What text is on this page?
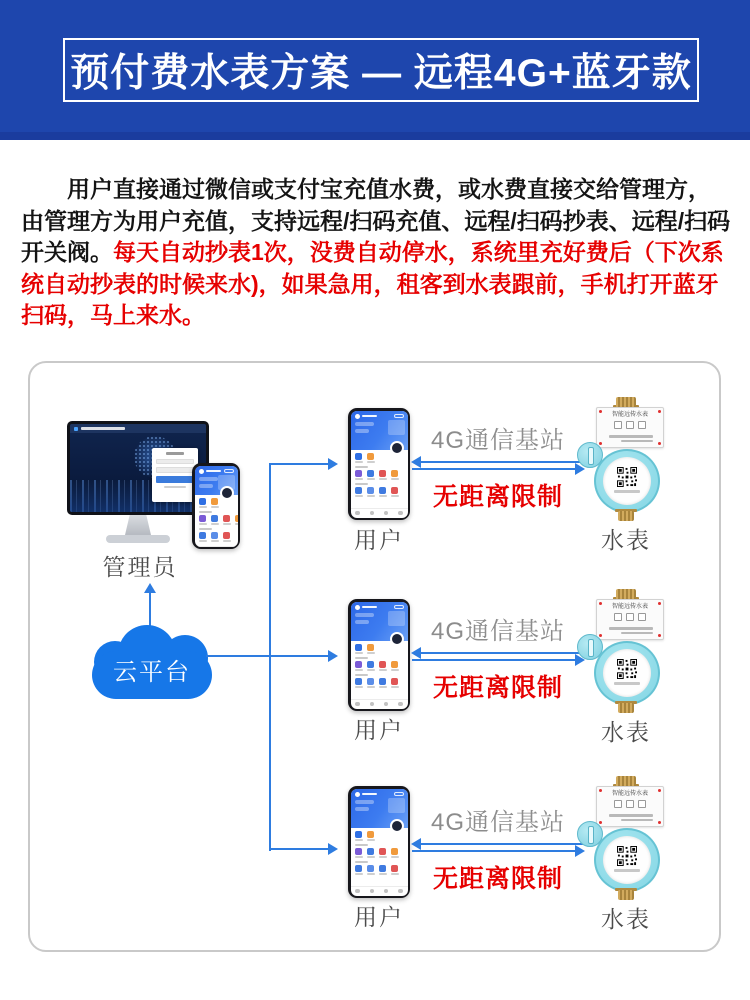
预付费水表方案 — 远程4G+蓝牙款

用户直接通过微信或支付宝充值水费，或水费直接交给管理方，由管理方为用户充值，支持远程/扫码充值、远程/扫码抄表、远程/扫码开关阀。每天自动抄表1次，没费自动停水，系统里充好费后（下次系统自动抄表的时候来水)，如果急用，租客到水表跟前，手机打开蓝牙扫码，马上来水。

管理员
云平台
用户
4G通信基站
无距离限制
智能远传水表
水表
用户
4G通信基站
无距离限制
智能远传水表
水表
用户
4G通信基站
无距离限制
智能远传水表
水表
